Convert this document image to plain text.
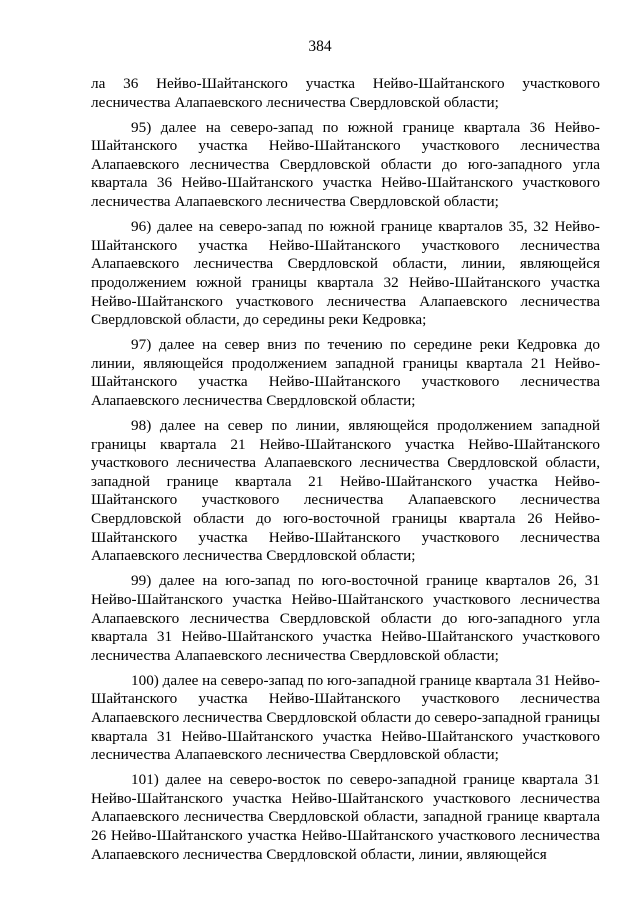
384

ла 36 Нейво-Шайтанского участка Нейво-Шайтанского участкового лесничества Алапаевского лесничества Свердловской области;

95) далее на северо-запад по южной границе квартала 36 Нейво-Шайтанского участка Нейво-Шайтанского участкового лесничества Алапаевского лесничества Свердловской области до юго-западного угла квартала 36 Нейво-Шайтанского участка Нейво-Шайтанского участкового лесничества Алапаевского лесничества Свердловской области;

96) далее на северо-запад по южной границе кварталов 35, 32 Нейво-Шайтанского участка Нейво-Шайтанского участкового лесничества Алапаевского лесничества Свердловской области, линии, являющейся продолжением южной границы квартала 32 Нейво-Шайтанского участка Нейво-Шайтанского участкового лесничества Алапаевского лесничества Свердловской области, до середины реки Кедровка;

97) далее на север вниз по течению по середине реки Кедровка до линии, являющейся продолжением западной границы квартала 21 Нейво-Шайтанского участка Нейво-Шайтанского участкового лесничества Алапаевского лесничества Свердловской области;

98) далее на север по линии, являющейся продолжением западной границы квартала 21 Нейво-Шайтанского участка Нейво-Шайтанского участкового лесничества Алапаевского лесничества Свердловской области, западной границе квартала 21 Нейво-Шайтанского участка Нейво-Шайтанского участкового лесничества Алапаевского лесничества Свердловской области до юго-восточной границы квартала 26 Нейво-Шайтанского участка Нейво-Шайтанского участкового лесничества Алапаевского лесничества Свердловской области;

99) далее на юго-запад по юго-восточной границе кварталов 26, 31 Нейво-Шайтанского участка Нейво-Шайтанского участкового лесничества Алапаевского лесничества Свердловской области до юго-западного угла квартала 31 Нейво-Шайтанского участка Нейво-Шайтанского участкового лесничества Алапаевского лесничества Свердловской области;

100) далее на северо-запад по юго-западной границе квартала 31 Нейво-Шайтанского участка Нейво-Шайтанского участкового лесничества Алапаевского лесничества Свердловской области до северо-западной границы квартала 31 Нейво-Шайтанского участка Нейво-Шайтанского участкового лесничества Алапаевского лесничества Свердловской области;

101) далее на северо-восток по северо-западной границе квартала 31 Нейво-Шайтанского участка Нейво-Шайтанского участкового лесничества Алапаевского лесничества Свердловской области, западной границе квартала 26 Нейво-Шайтанского участка Нейво-Шайтанского участкового лесничества Алапаевского лесничества Свердловской области, линии, являющейся
